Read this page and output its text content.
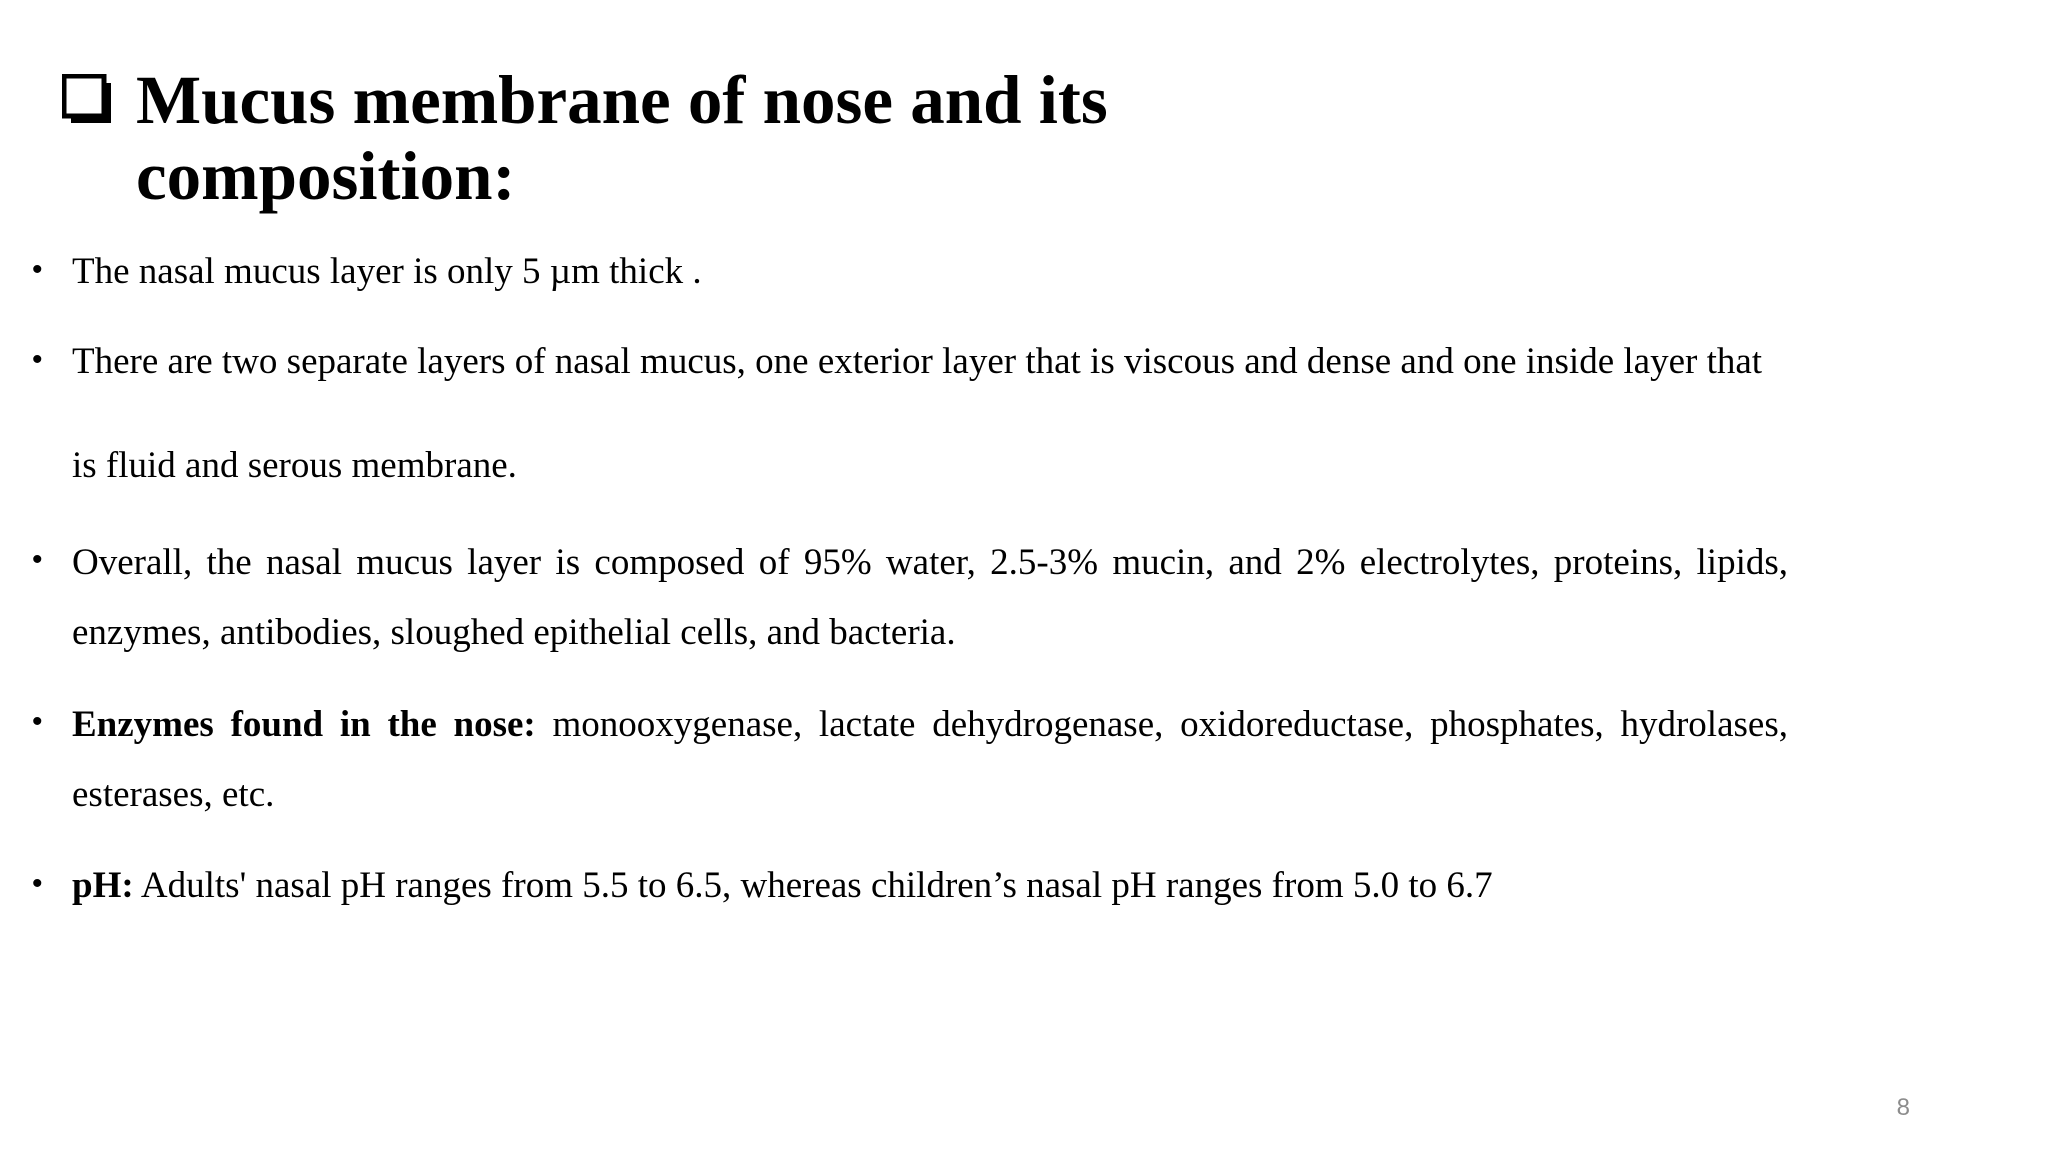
Mucus membrane of nose and its composition:
• The nasal mucus layer is only 5 µm thick .

• There are two separate layers of nasal mucus, one exterior layer that is viscous and dense and one inside layer that is fluid and serous membrane.

• Overall, the nasal mucus layer is composed of 95% water, 2.5-3% mucin, and 2% electrolytes, proteins, lipids, enzymes, antibodies, sloughed epithelial cells, and bacteria.

• Enzymes found in the nose: monooxygenase, lactate dehydrogenase, oxidoreductase, phosphates, hydrolases, esterases, etc.

• pH: Adults' nasal pH ranges from 5.5 to 6.5, whereas children’s nasal pH ranges from 5.0 to 6.7

8
